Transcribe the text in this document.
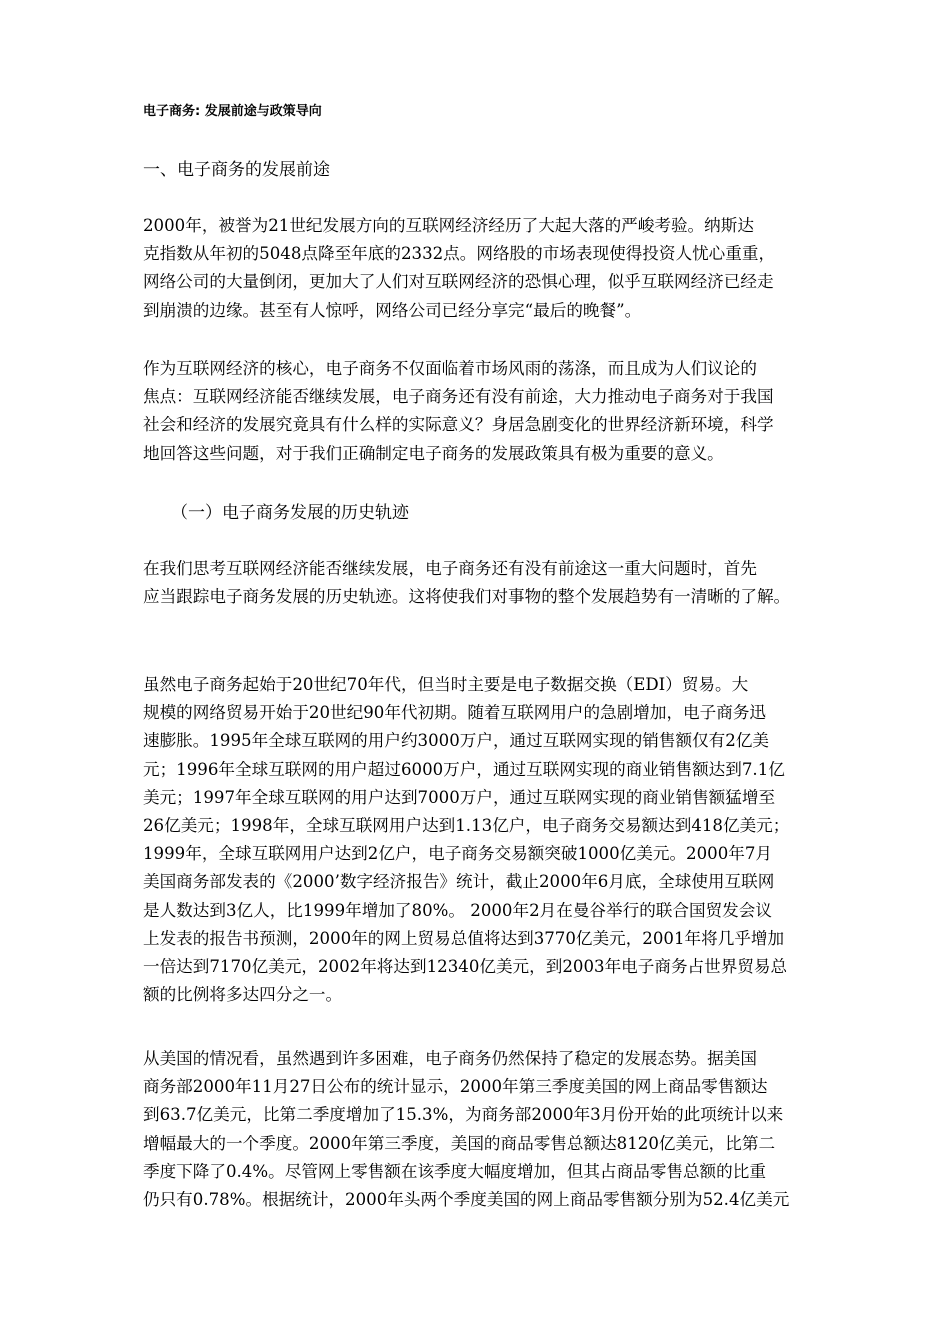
电子商务: 发展前途与政策导向
一、电子商务的发展前途
2000年，被誉为21世纪发展方向的互联网经济经历了大起大落的严峻考验。纳斯达
克指数从年初的5048点降至年底的2332点。网络股的市场表现使得投资人忧心重重，
网络公司的大量倒闭，更加大了人们对互联网经济的恐惧心理，似乎互联网经济已经走
到崩溃的边缘。甚至有人惊呼，网络公司已经分享完“最后的晚餐”。
作为互联网经济的核心，电子商务不仅面临着市场风雨的荡涤，而且成为人们议论的
焦点：互联网经济能否继续发展，电子商务还有没有前途，大力推动电子商务对于我国
社会和经济的发展究竟具有什么样的实际意义？身居急剧变化的世界经济新环境，科学
地回答这些问题，对于我们正确制定电子商务的发展政策具有极为重要的意义。
（一）电子商务发展的历史轨迹
在我们思考互联网经济能否继续发展，电子商务还有没有前途这一重大问题时，首先
应当跟踪电子商务发展的历史轨迹。这将使我们对事物的整个发展趋势有一清晰的了解。
虽然电子商务起始于20世纪70年代，但当时主要是电子数据交换（EDI）贸易。大
规模的网络贸易开始于20世纪90年代初期。随着互联网用户的急剧增加，电子商务迅
速膨胀。1995年全球互联网的用户约3000万户，通过互联网实现的销售额仅有2亿美
元；1996年全球互联网的用户超过6000万户，通过互联网实现的商业销售额达到7.1亿
美元；1997年全球互联网的用户达到7000万户，通过互联网实现的商业销售额猛增至
26亿美元；1998年，全球互联网用户达到1.13亿户，电子商务交易额达到418亿美元；
1999年，全球互联网用户达到2亿户，电子商务交易额突破1000亿美元。2000年7月
美国商务部发表的《2000’数字经济报告》统计，截止2000年6月底，全球使用互联网
是人数达到3亿人，比1999年增加了80%。 2000年2月在曼谷举行的联合国贸发会议
上发表的报告书预测，2000年的网上贸易总值将达到3770亿美元，2001年将几乎增加
一倍达到7170亿美元，2002年将达到12340亿美元，到2003年电子商务占世界贸易总
额的比例将多达四分之一。
从美国的情况看，虽然遇到许多困难，电子商务仍然保持了稳定的发展态势。据美国
商务部2000年11月27日公布的统计显示，2000年第三季度美国的网上商品零售额达
到63.7亿美元，比第二季度增加了15.3%，为商务部2000年3月份开始的此项统计以来
增幅最大的一个季度。2000年第三季度，美国的商品零售总额达8120亿美元，比第二
季度下降了0.4%。尽管网上零售额在该季度大幅度增加，但其占商品零售总额的比重
仍只有0.78%。根据统计，2000年头两个季度美国的网上商品零售额分别为52.4亿美元
